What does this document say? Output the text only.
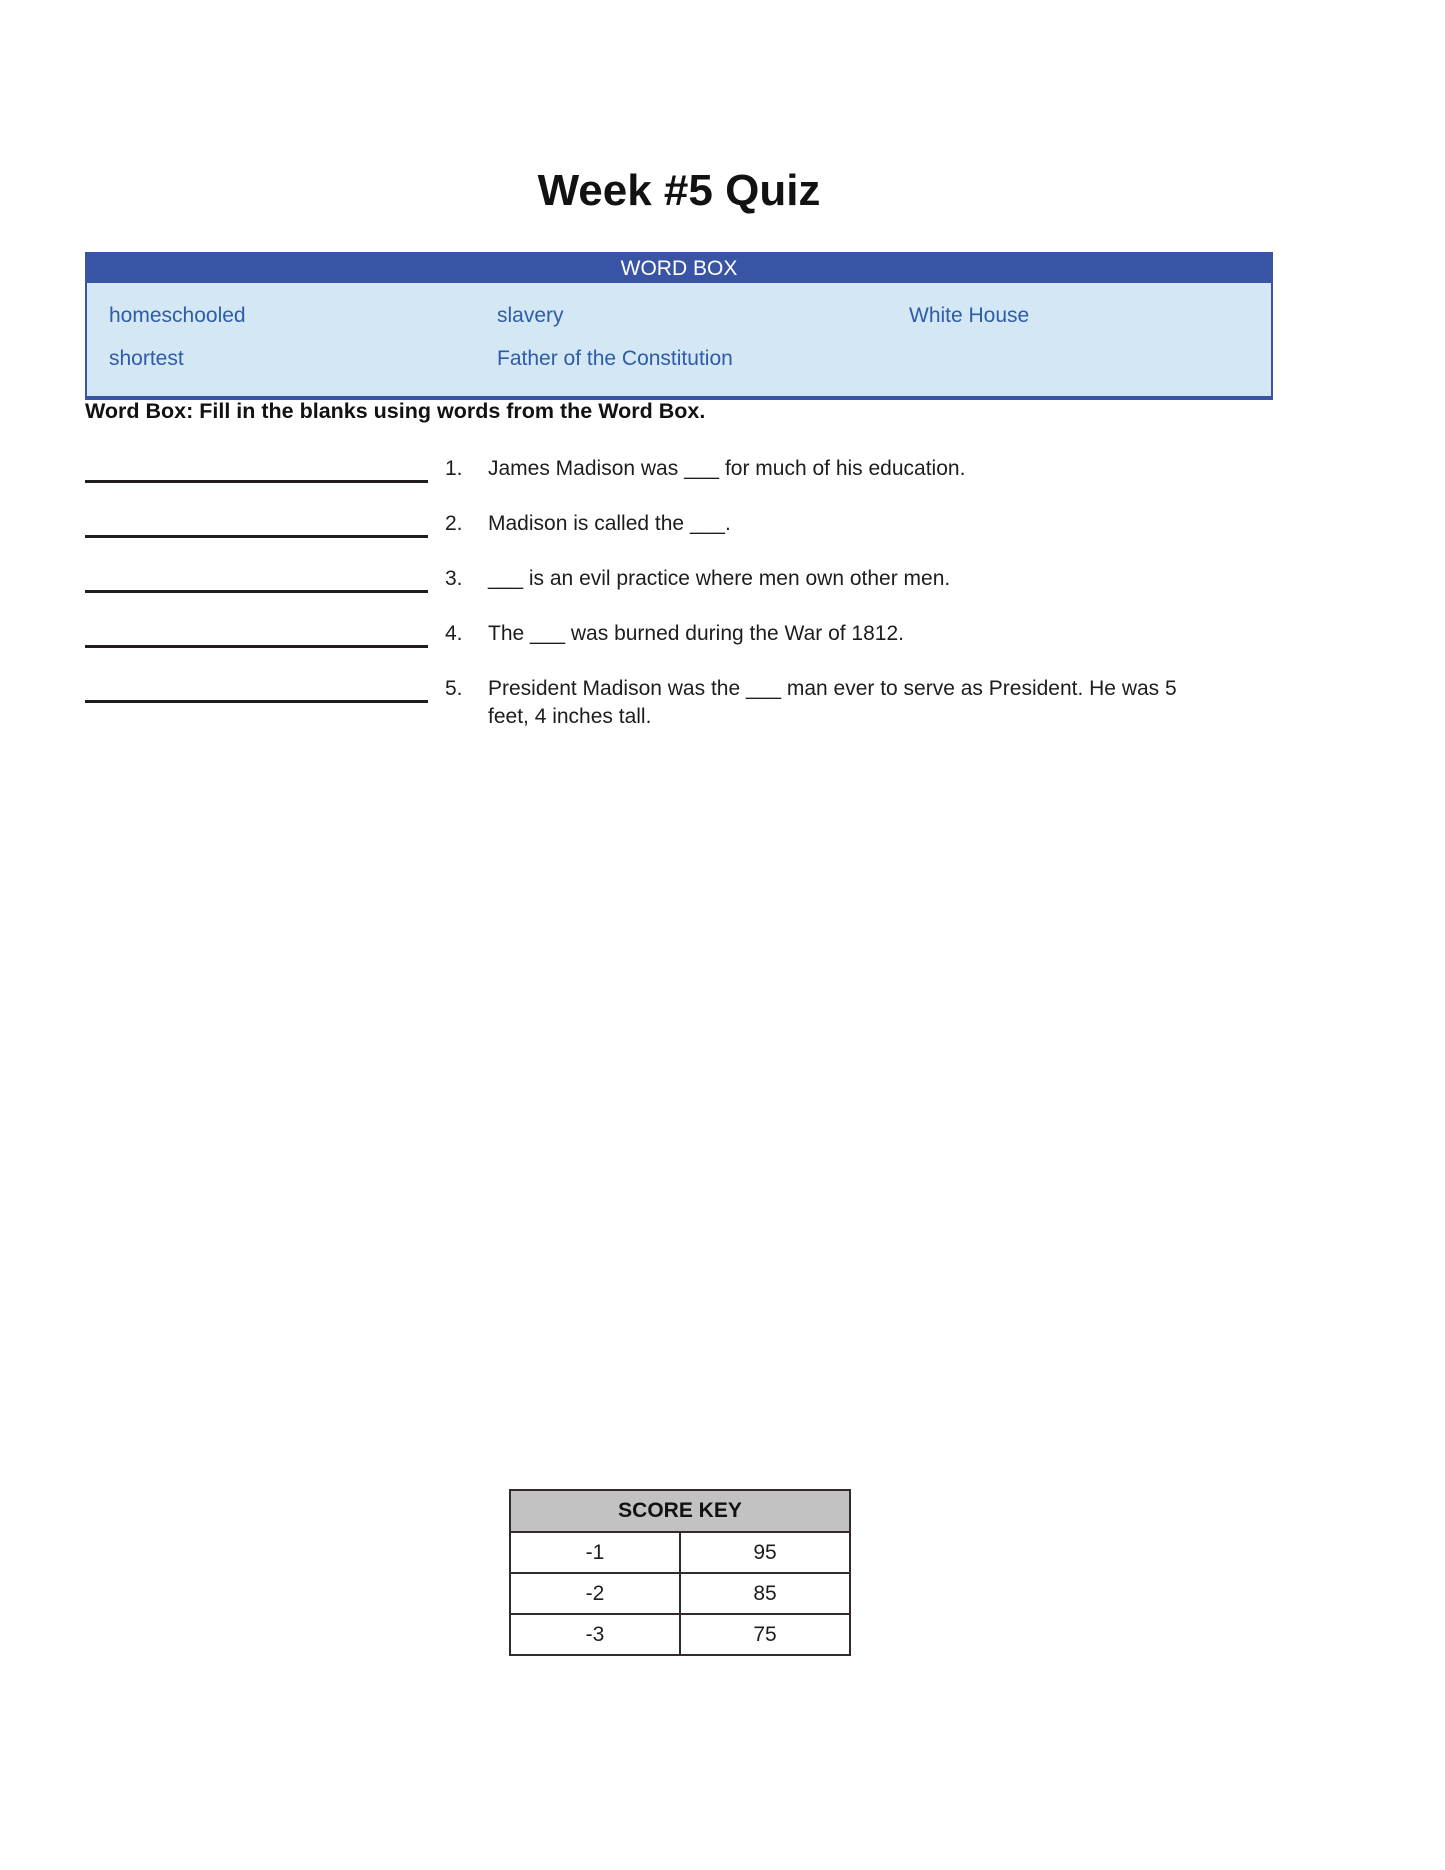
Week #5 Quiz
WORD BOX
homeschooled	slavery	White House
shortest	Father of the Constitution

Word Box: Fill in the blanks using words from the Word Box.

1.	James Madison was ___ for much of his education.
2.	Madison is called the ___.
3.	___ is an evil practice where men own other men.
4.	The ___ was burned during the War of 1812.
5.	President Madison was the ___ man ever to serve as President. He was 5 feet, 4 inches tall.
SCORE KEY	
-1	95
-2	85
-3	75
